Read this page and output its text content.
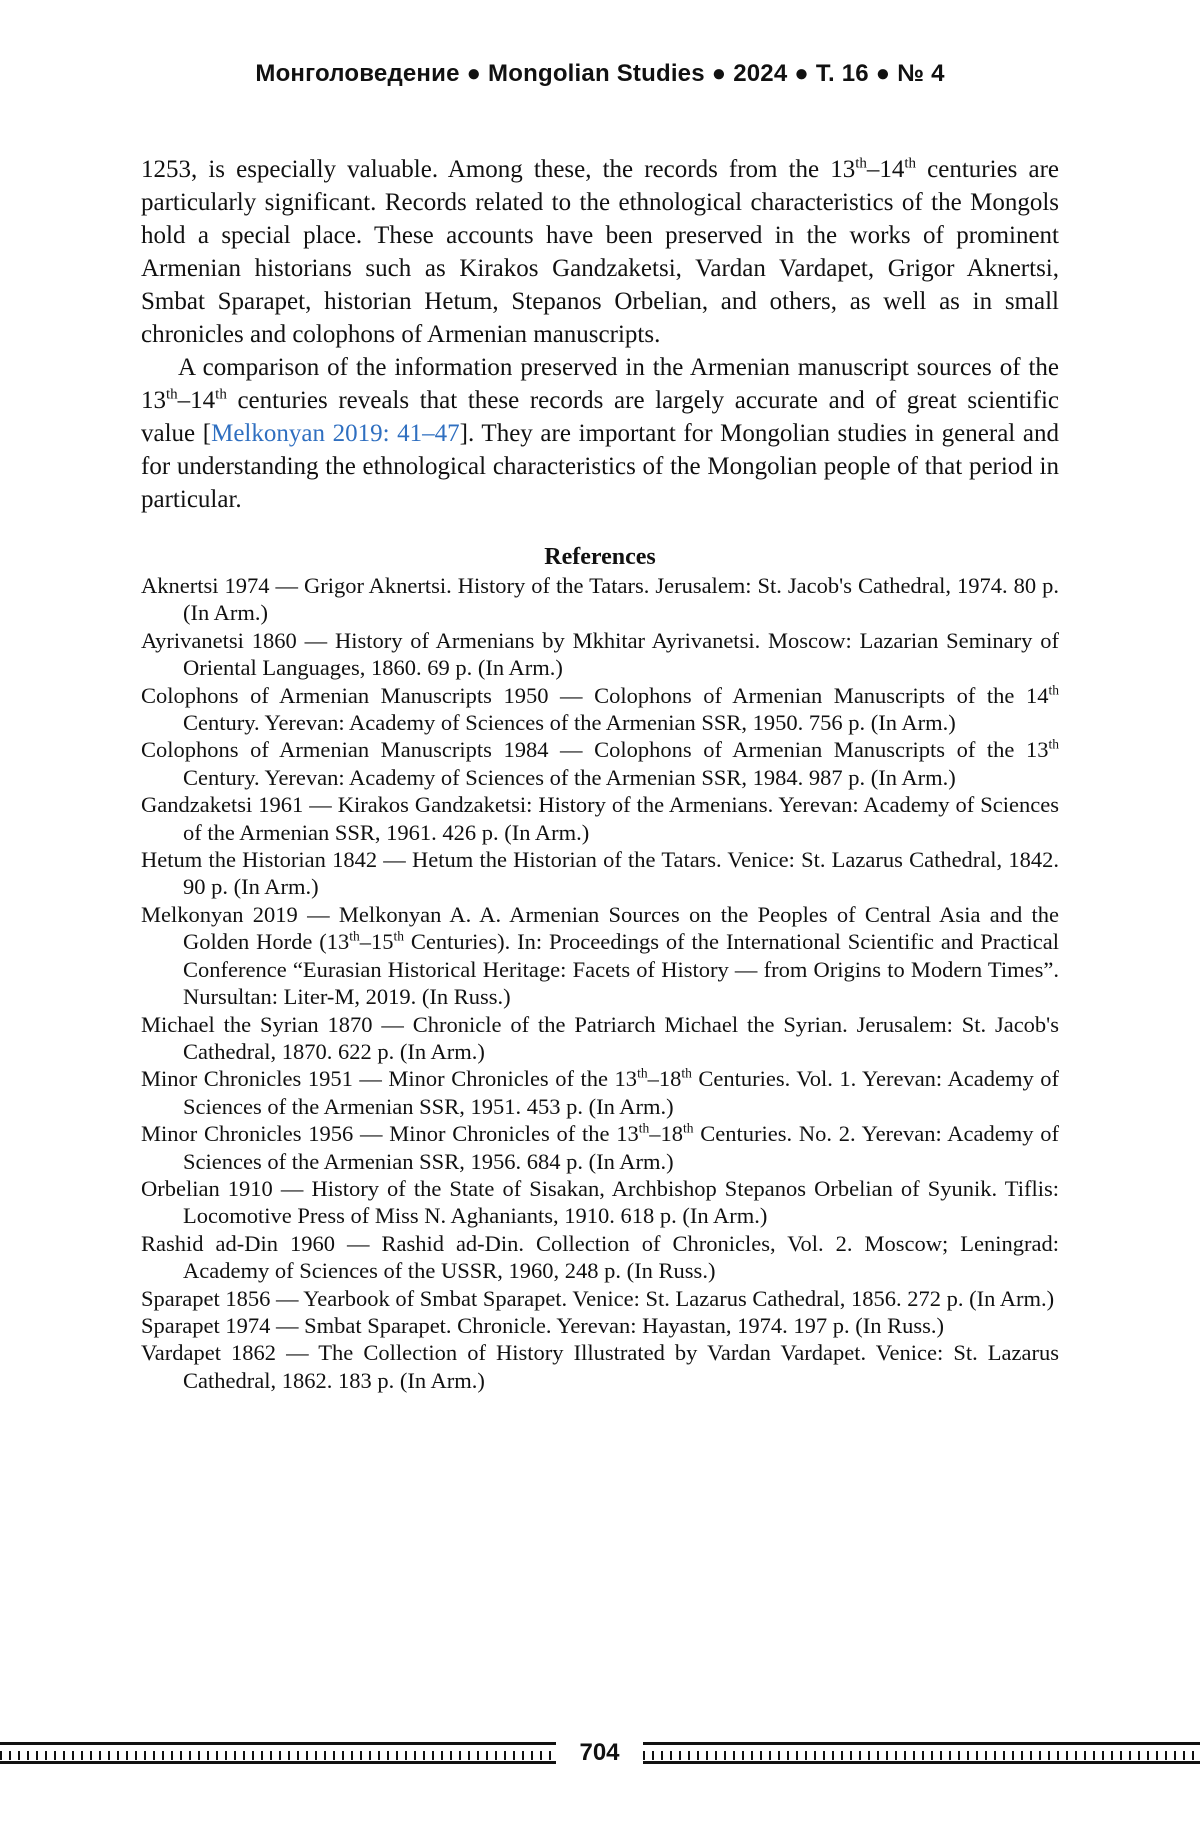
Монголоведение ● Mongolian Studies ● 2024 ● Т. 16 ● № 4

1253, is especially valuable. Among these, the records from the 13th–14th centuries are particularly significant. Records related to the ethnological characteristics of the Mongols hold a special place. These accounts have been preserved in the works of prominent Armenian historians such as Kirakos Gandzaketsi, Vardan Vardapet, Grigor Aknertsi, Smbat Sparapet, historian Hetum, Stepanos Orbelian, and others, as well as in small chronicles and colophons of Armenian manuscripts.

A comparison of the information preserved in the Armenian manuscript sources of the 13th–14th centuries reveals that these records are largely accurate and of great scientific value [Melkonyan 2019: 41–47]. They are important for Mongolian studies in general and for understanding the ethnological characteristics of the Mongolian people of that period in particular.

References
Aknertsi 1974 — Grigor Aknertsi. History of the Tatars. Jerusalem: St. Jacob's Cathedral, 1974. 80 p. (In Arm.)
Ayrivanetsi 1860 — History of Armenians by Mkhitar Ayrivanetsi. Moscow: Lazarian Seminary of Oriental Languages, 1860. 69 p. (In Arm.)
Colophons of Armenian Manuscripts 1950 — Colophons of Armenian Manuscripts of the 14th Century. Yerevan: Academy of Sciences of the Armenian SSR, 1950. 756 p. (In Arm.)
Colophons of Armenian Manuscripts 1984 — Colophons of Armenian Manuscripts of the 13th Century. Yerevan: Academy of Sciences of the Armenian SSR, 1984. 987 p. (In Arm.)
Gandzaketsi 1961 — Kirakos Gandzaketsi: History of the Armenians. Yerevan: Academy of Sciences of the Armenian SSR, 1961. 426 p. (In Arm.)
Hetum the Historian 1842 — Hetum the Historian of the Tatars. Venice: St. Lazarus Cathedral, 1842. 90 p. (In Arm.)
Melkonyan 2019 — Melkonyan A. A. Armenian Sources on the Peoples of Central Asia and the Golden Horde (13th–15th Centuries). In: Proceedings of the International Scientific and Practical Conference “Eurasian Historical Heritage: Facets of History — from Origins to Modern Times”. Nursultan: Liter-M, 2019. (In Russ.)
Michael the Syrian 1870 — Chronicle of the Patriarch Michael the Syrian. Jerusalem: St. Jacob's Cathedral, 1870. 622 p. (In Arm.)
Minor Chronicles 1951 — Minor Chronicles of the 13th–18th Centuries. Vol. 1. Yerevan: Academy of Sciences of the Armenian SSR, 1951. 453 p. (In Arm.)
Minor Chronicles 1956 — Minor Chronicles of the 13th–18th Centuries. No. 2. Yerevan: Academy of Sciences of the Armenian SSR, 1956. 684 p. (In Arm.)
Orbelian 1910 — History of the State of Sisakan, Archbishop Stepanos Orbelian of Syunik. Tiflis: Locomotive Press of Miss N. Aghaniants, 1910. 618 p. (In Arm.)
Rashid ad-Din 1960 — Rashid ad-Din. Collection of Chronicles, Vol. 2. Moscow; Leningrad: Academy of Sciences of the USSR, 1960, 248 p. (In Russ.)
Sparapet 1856 — Yearbook of Smbat Sparapet. Venice: St. Lazarus Cathedral, 1856. 272 p. (In Arm.)
Sparapet 1974 — Smbat Sparapet. Chronicle. Yerevan: Hayastan, 1974. 197 p. (In Russ.)
Vardapet 1862 — The Collection of History Illustrated by Vardan Vardapet. Venice: St. Lazarus Cathedral, 1862. 183 p. (In Arm.)
704
